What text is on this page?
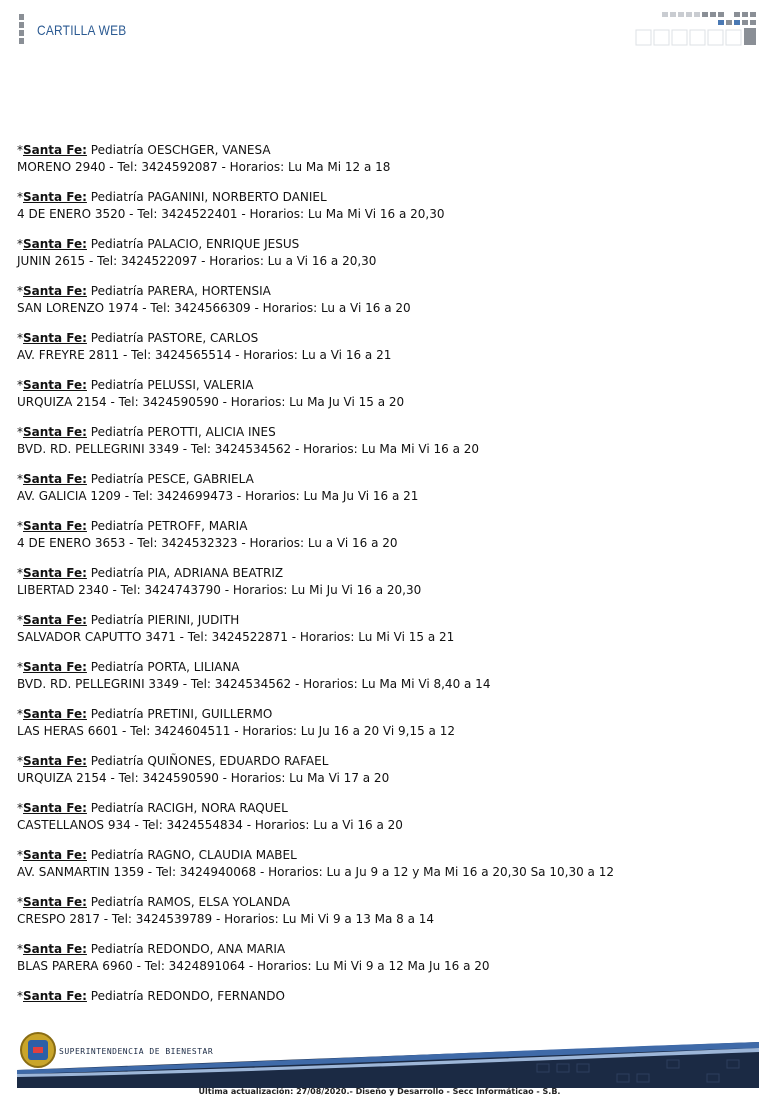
CARTILLA WEB
*Santa Fe: Pediatría OESCHGER, VANESA
MORENO 2940 - Tel: 3424592087 - Horarios: Lu Ma Mi 12 a 18
*Santa Fe: Pediatría PAGANINI, NORBERTO DANIEL
4 DE ENERO 3520 - Tel: 3424522401 - Horarios: Lu Ma Mi Vi 16 a 20,30
*Santa Fe: Pediatría PALACIO, ENRIQUE JESUS
JUNIN 2615 - Tel: 3424522097 - Horarios: Lu a Vi 16 a 20,30
*Santa Fe: Pediatría PARERA, HORTENSIA
SAN LORENZO 1974 - Tel: 3424566309 - Horarios: Lu a Vi 16 a 20
*Santa Fe: Pediatría PASTORE, CARLOS
AV. FREYRE 2811 - Tel: 3424565514 - Horarios: Lu a Vi 16 a 21
*Santa Fe: Pediatría PELUSSI, VALERIA
URQUIZA 2154 - Tel: 3424590590 - Horarios: Lu Ma Ju Vi 15 a 20
*Santa Fe: Pediatría PEROTTI, ALICIA INES
BVD. RD. PELLEGRINI 3349 - Tel: 3424534562 - Horarios: Lu Ma Mi Vi 16 a 20
*Santa Fe: Pediatría PESCE, GABRIELA
AV. GALICIA 1209 - Tel: 3424699473 - Horarios: Lu Ma Ju Vi 16 a 21
*Santa Fe: Pediatría PETROFF, MARIA
4 DE ENERO 3653 - Tel: 3424532323 - Horarios: Lu a Vi 16 a 20
*Santa Fe: Pediatría PIA, ADRIANA BEATRIZ
LIBERTAD 2340 - Tel: 3424743790 - Horarios: Lu Mi Ju Vi 16 a 20,30
*Santa Fe: Pediatría PIERINI, JUDITH
SALVADOR CAPUTTO 3471 - Tel: 3424522871 - Horarios: Lu Mi Vi 15 a 21
*Santa Fe: Pediatría PORTA, LILIANA
BVD. RD. PELLEGRINI 3349 - Tel: 3424534562 - Horarios: Lu Ma Mi Vi 8,40 a 14
*Santa Fe: Pediatría PRETINI, GUILLERMO
LAS HERAS 6601 - Tel: 3424604511 - Horarios: Lu Ju 16 a 20 Vi 9,15 a 12
*Santa Fe: Pediatría QUIÑONES, EDUARDO RAFAEL
URQUIZA 2154 - Tel: 3424590590 - Horarios: Lu Ma Vi 17 a 20
*Santa Fe: Pediatría RACIGH, NORA RAQUEL
CASTELLANOS 934 - Tel: 3424554834 - Horarios: Lu a Vi 16 a 20
*Santa Fe: Pediatría RAGNO, CLAUDIA MABEL
AV. SANMARTIN 1359 - Tel: 3424940068 - Horarios: Lu a Ju 9 a 12 y Ma Mi 16 a 20,30 Sa 10,30 a 12
*Santa Fe: Pediatría RAMOS, ELSA YOLANDA
CRESPO 2817 - Tel: 3424539789 - Horarios: Lu Mi Vi 9 a 13 Ma 8 a 14
*Santa Fe: Pediatría REDONDO, ANA MARIA
BLAS PARERA 6960 - Tel: 3424891064 - Horarios: Lu Mi Vi 9 a 12 Ma Ju 16 a 20
*Santa Fe: Pediatría REDONDO, FERNANDO
SUPERINTENDENCIA DE BIENESTAR
Última actualización: 27/08/2020.- Diseño y Desarrollo - Secc Informáticao - S.B.
